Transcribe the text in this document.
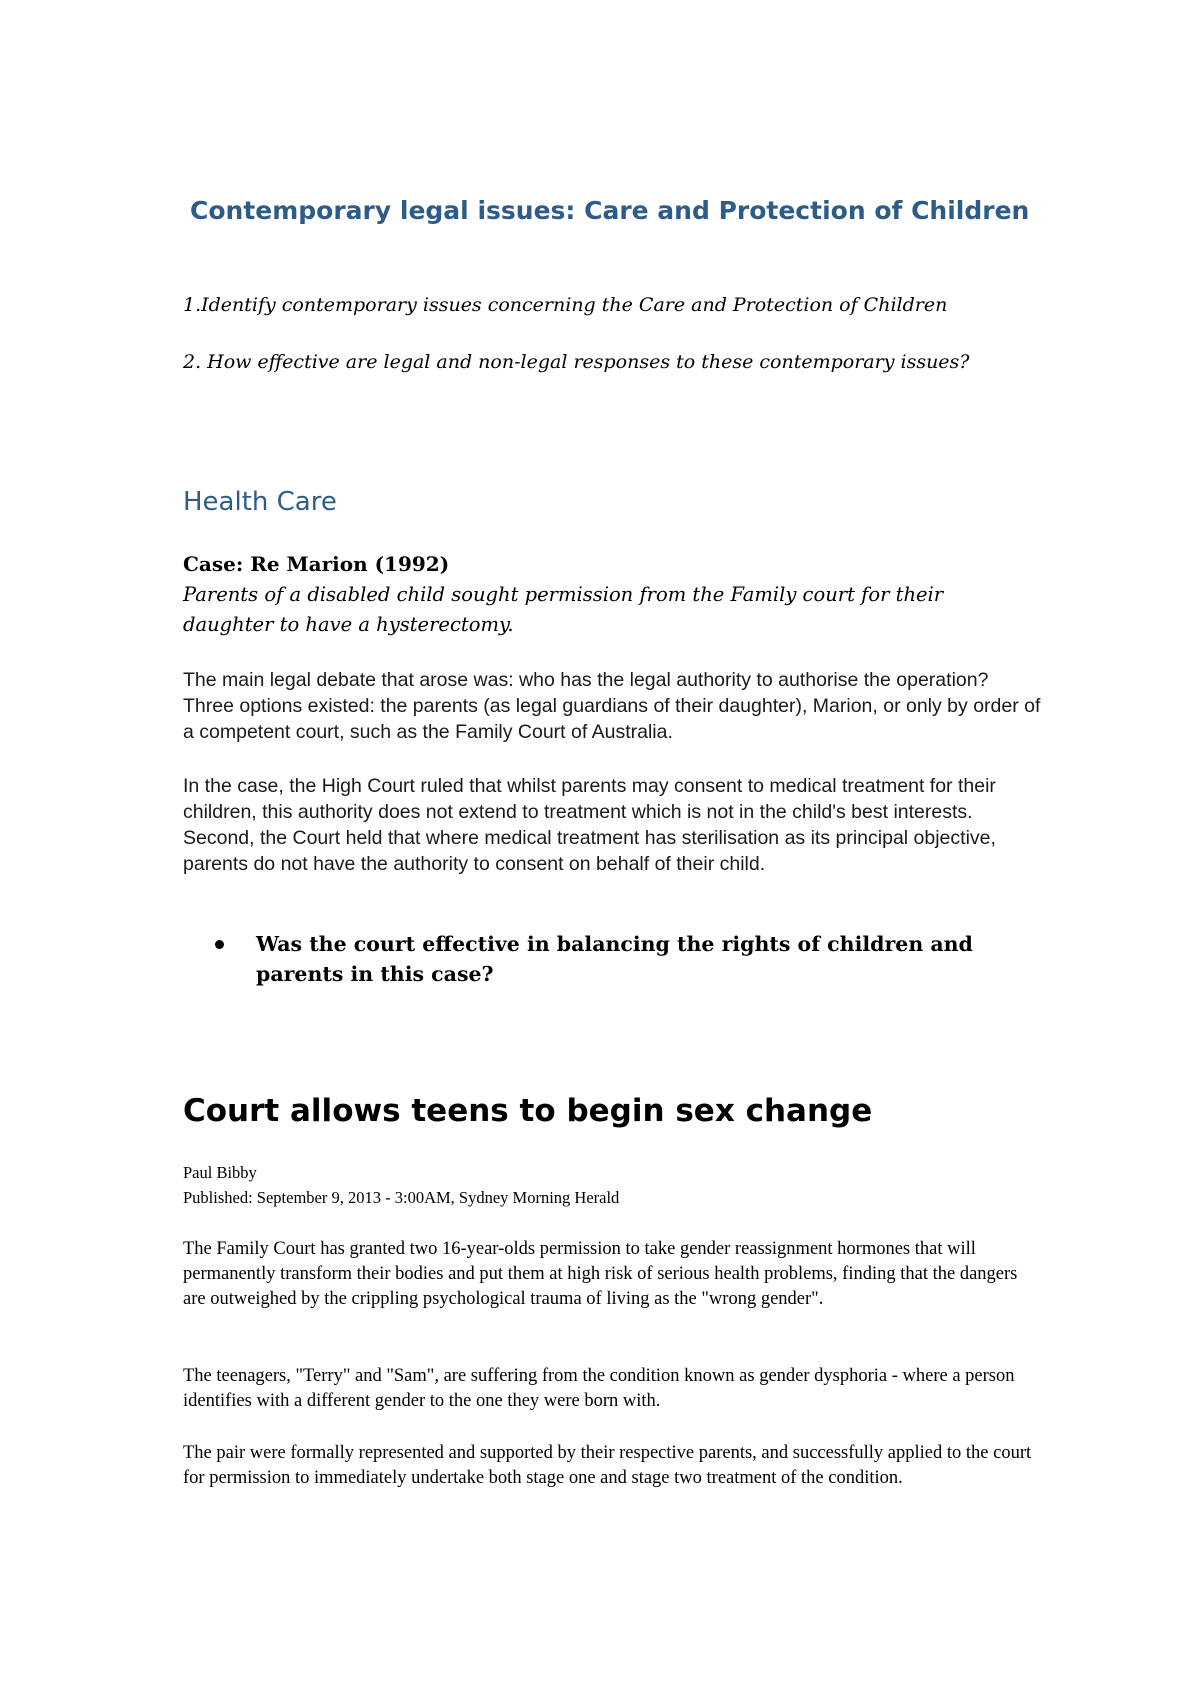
Contemporary legal issues: Care and Protection of Children
1.Identify contemporary issues concerning the Care and Protection of Children
2. How effective are legal and non-legal responses to these contemporary issues?
Health Care
Case: Re Marion (1992)
Parents of a disabled child sought permission from the Family court for their daughter to have a hysterectomy.
The main legal debate that arose was: who has the legal authority to authorise the operation? Three options existed: the parents (as legal guardians of their daughter), Marion, or only by order of a competent court, such as the Family Court of Australia.
In the case, the High Court ruled that whilst parents may consent to medical treatment for their children, this authority does not extend to treatment which is not in the child's best interests. Second, the Court held that where medical treatment has sterilisation as its principal objective, parents do not have the authority to consent on behalf of their child.
Was the court effective in balancing the rights of children and parents in this case?
Court allows teens to begin sex change
Paul Bibby
Published: September 9, 2013 - 3:00AM, Sydney Morning Herald
The Family Court has granted two 16-year-olds permission to take gender reassignment hormones that will permanently transform their bodies and put them at high risk of serious health problems, finding that the dangers are outweighed by the crippling psychological trauma of living as the "wrong gender".
The teenagers, "Terry" and "Sam", are suffering from the condition known as gender dysphoria - where a person identifies with a different gender to the one they were born with.
The pair were formally represented and supported by their respective parents, and successfully applied to the court for permission to immediately undertake both stage one and stage two treatment of the condition.
